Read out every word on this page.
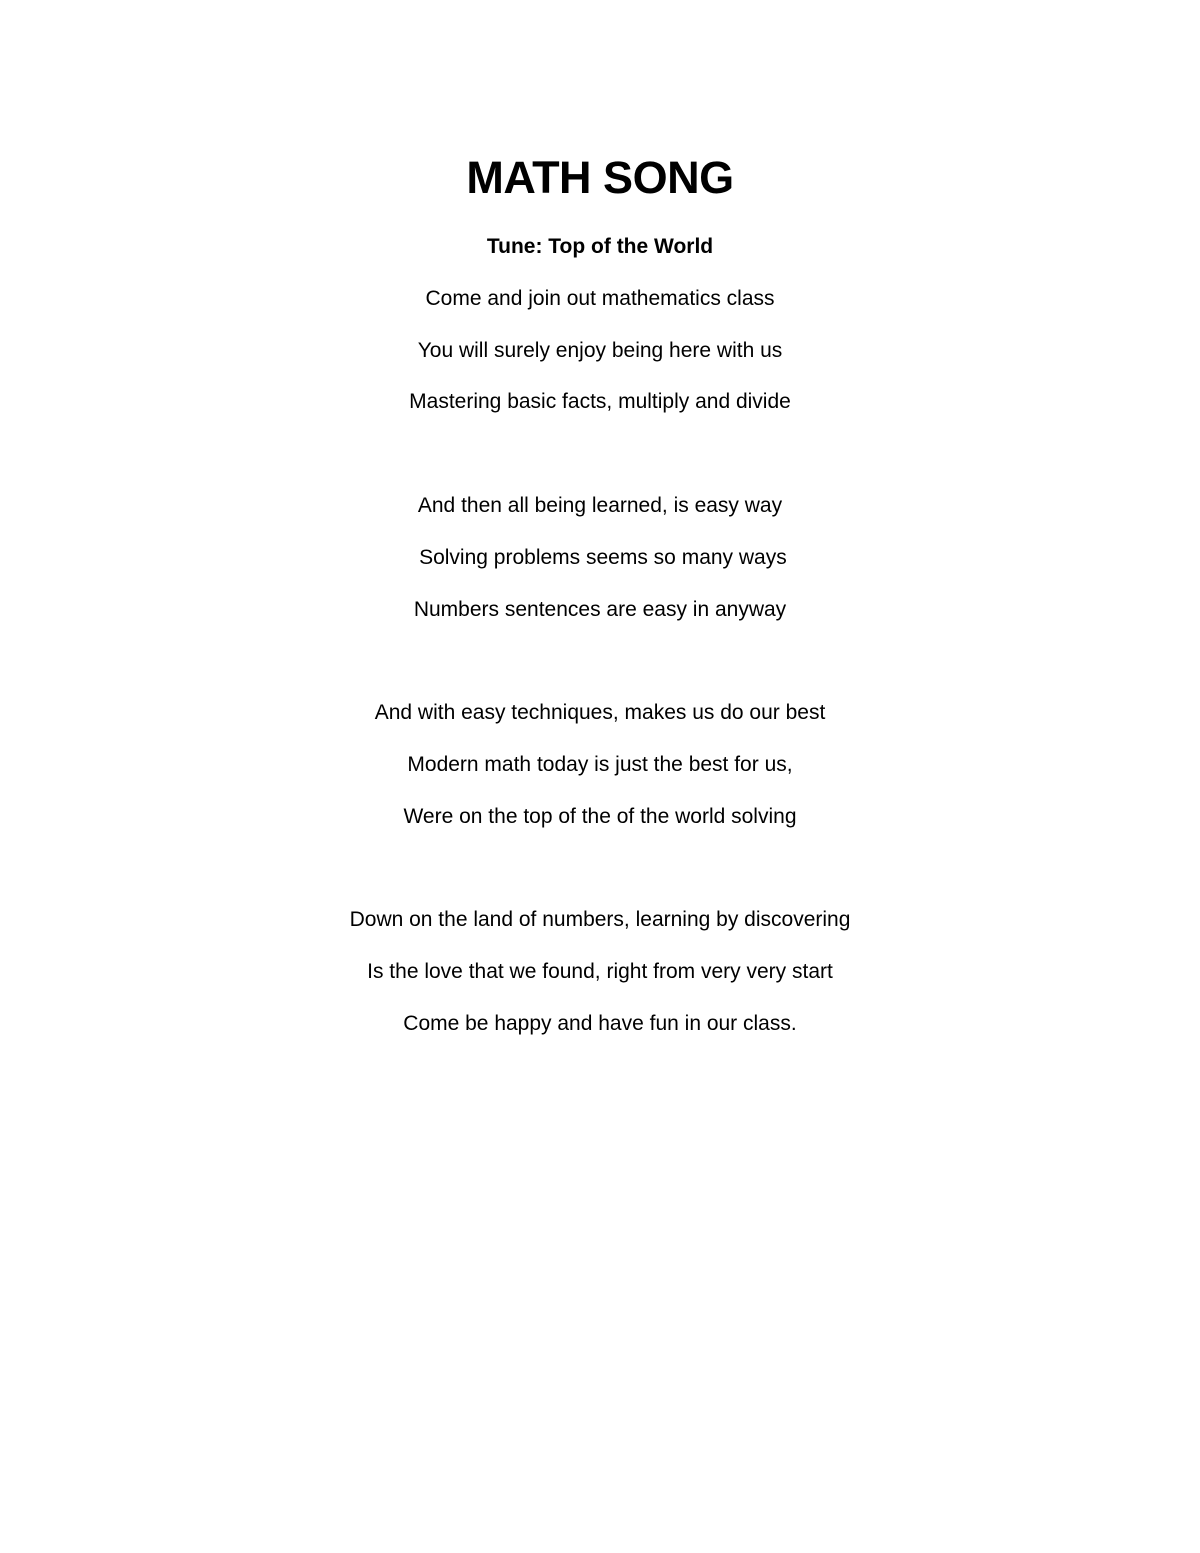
MATH SONG
Tune: Top of the World
Come and join out mathematics class
You will surely enjoy being here with us
Mastering basic facts, multiply and divide
And then all being learned, is easy way
Solving problems seems so many ways
Numbers sentences are easy in anyway
And with easy techniques, makes us do our best
Modern math today is just the best for us,
Were on the top of the of the world solving
Down on the land of numbers, learning by discovering
Is the love that we found, right from very very start
Come be happy and have fun in our class.
